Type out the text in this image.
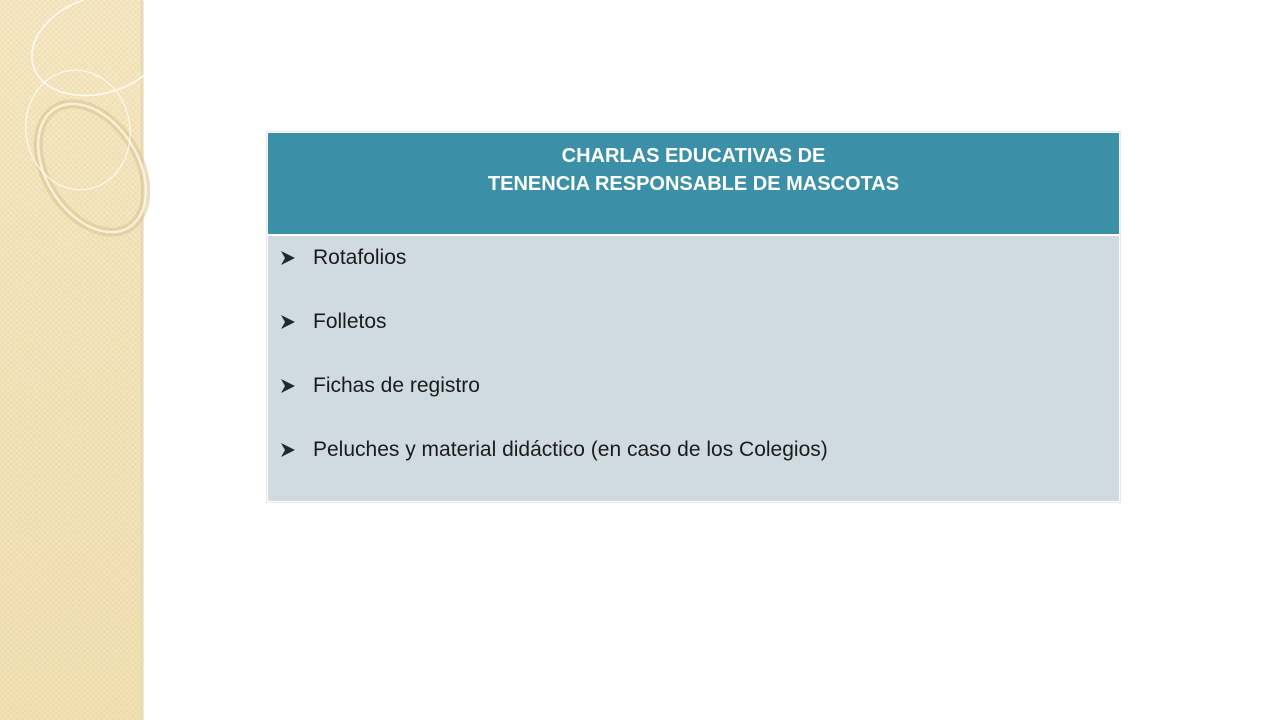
CHARLAS EDUCATIVAS DE
TENENCIA RESPONSABLE DE MASCOTAS
Rotafolios
Folletos
Fichas de registro
Peluches y material didáctico (en caso de los Colegios)
